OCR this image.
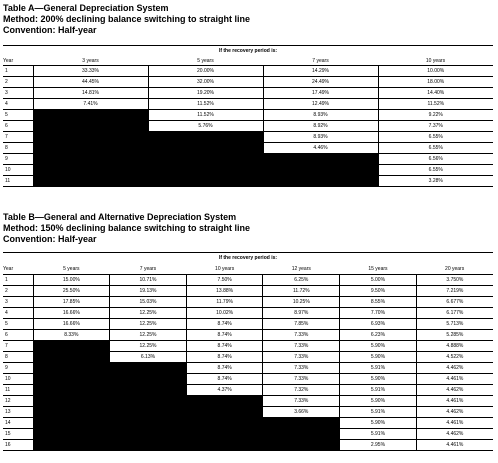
Table A—General Depreciation System
Method: 200% declining balance switching to straight line
Convention: Half-year
If the recovery period is:
Year	3 years	5 years	7 years	10 years
1	33.33%	20.00%	14.29%	10.00%
2	44.45%	32.00%	24.49%	18.00%
3	14.81%	19.20%	17.49%	14.40%
4	7.41%	11.52%	12.49%	11.52%
5		11.52%	8.93%	9.22%
6		5.76%	8.92%	7.37%
7			8.93%	6.55%
8			4.46%	6.55%
9				6.56%
10				6.55%
11				3.28%
Table B—General and Alternative Depreciation System
Method: 150% declining balance switching to straight line
Convention: Half-year
If the recovery period is:
Year	5 years	7 years	10 years	12 years	15 years	20 years
1	15.00%	10.71%	7.50%	6.25%	5.00%	3.750%
2	25.50%	19.13%	13.88%	11.72%	9.50%	7.219%
3	17.85%	15.03%	11.79%	10.25%	8.55%	6.677%
4	16.66%	12.25%	10.02%	8.97%	7.70%	6.177%
5	16.66%	12.25%	8.74%	7.85%	6.93%	5.713%
6	8.33%	12.25%	8.74%	7.33%	6.23%	5.285%
7		12.25%	8.74%	7.33%	5.90%	4.888%
8		6.13%	8.74%	7.33%	5.90%	4.522%
9			8.74%	7.33%	5.91%	4.462%
10			8.74%	7.33%	5.90%	4.461%
11			4.37%	7.32%	5.91%	4.462%
12				7.33%	5.90%	4.461%
13				3.66%	5.91%	4.462%
14					5.90%	4.461%
15					5.91%	4.462%
16					2.95%	4.461%
